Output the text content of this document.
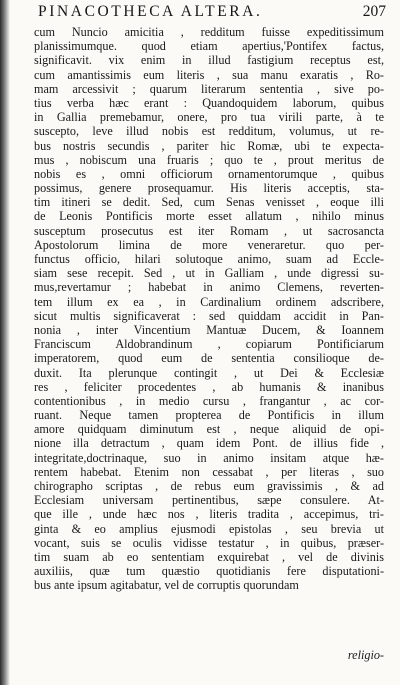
PINACOTHECA ALTERA.	207
cum Nuncio amicitia , redditum fuisse expeditissimum
planissimumque. quod etiam apertius,'Pontifex factus,
significavit. vix enim in illud fastigium receptus est,
cum amantissimis eum literis , sua manu exaratis , Ro-
mam arcessivit ; quarum literarum sententia , sive po-
tius verba hæc erant : Quandoquidem laborum, quibus
in Gallia premebamur, onere, pro tua virili parte, à te
suscepto, leve illud nobis est redditum, volumus, ut re-
bus nostris secundis , pariter hic Romæ, ubi te expecta-
mus , nobiscum una fruaris ; quo te , prout meritus de
nobis es , omni officiorum ornamentorumque , quibus
possimus, genere prosequamur. His literis acceptis, sta-
tim itineri se dedit. Sed, cum Senas venisset , eoque illi
de Leonis Pontificis morte esset allatum , nihilo minus
susceptum prosecutus est iter Romam , ut sacrosancta
Apostolorum limina de more veneraretur. quo per-
functus officio, hilari solutoque animo, suam ad Eccle-
siam sese recepit. Sed , ut in Galliam , unde digressi su-
mus,revertamur ; habebat in animo Clemens, reverten-
tem illum ex ea , in Cardinalium ordinem adscribere,
sicut multis significaverat : sed quiddam accidit in Pan-
nonia , inter Vincentium Mantuæ Ducem, & Ioannem
Franciscum Aldobrandinum , copiarum Pontificiarum
imperatorem, quod eum de sententia consilioque de-
duxit. Ita plerunque contingit , ut Dei & Ecclesiæ
res , feliciter procedentes , ab humanis & inanibus
contentionibus , in medio cursu , frangantur , ac cor-
ruant. Neque tamen propterea de Pontificis in illum
amore quidquam diminutum est , neque aliquid de opi-
nione illa detractum , quam idem Pont. de illius fide ,
integritate,doctrinaque, suo in animo insitam atque hæ-
rentem habebat. Etenim non cessabat , per literas , suo
chirographo scriptas , de rebus eum gravissimis , & ad
Ecclesiam universam pertinentibus, sæpe consulere. At-
que ille , unde hæc nos , literis tradita , accepimus, tri-
ginta & eo amplius ejusmodi epistolas , seu brevia ut
vocant, suis se oculis vidisse testatur , in quibus, præser-
tim suam ab eo sententiam exquirebat , vel de divinis
auxiliis, quæ tum quæstio quotidianis fere disputationi-
bus ante ipsum agitabatur, vel de corruptis quorundam
religio-
